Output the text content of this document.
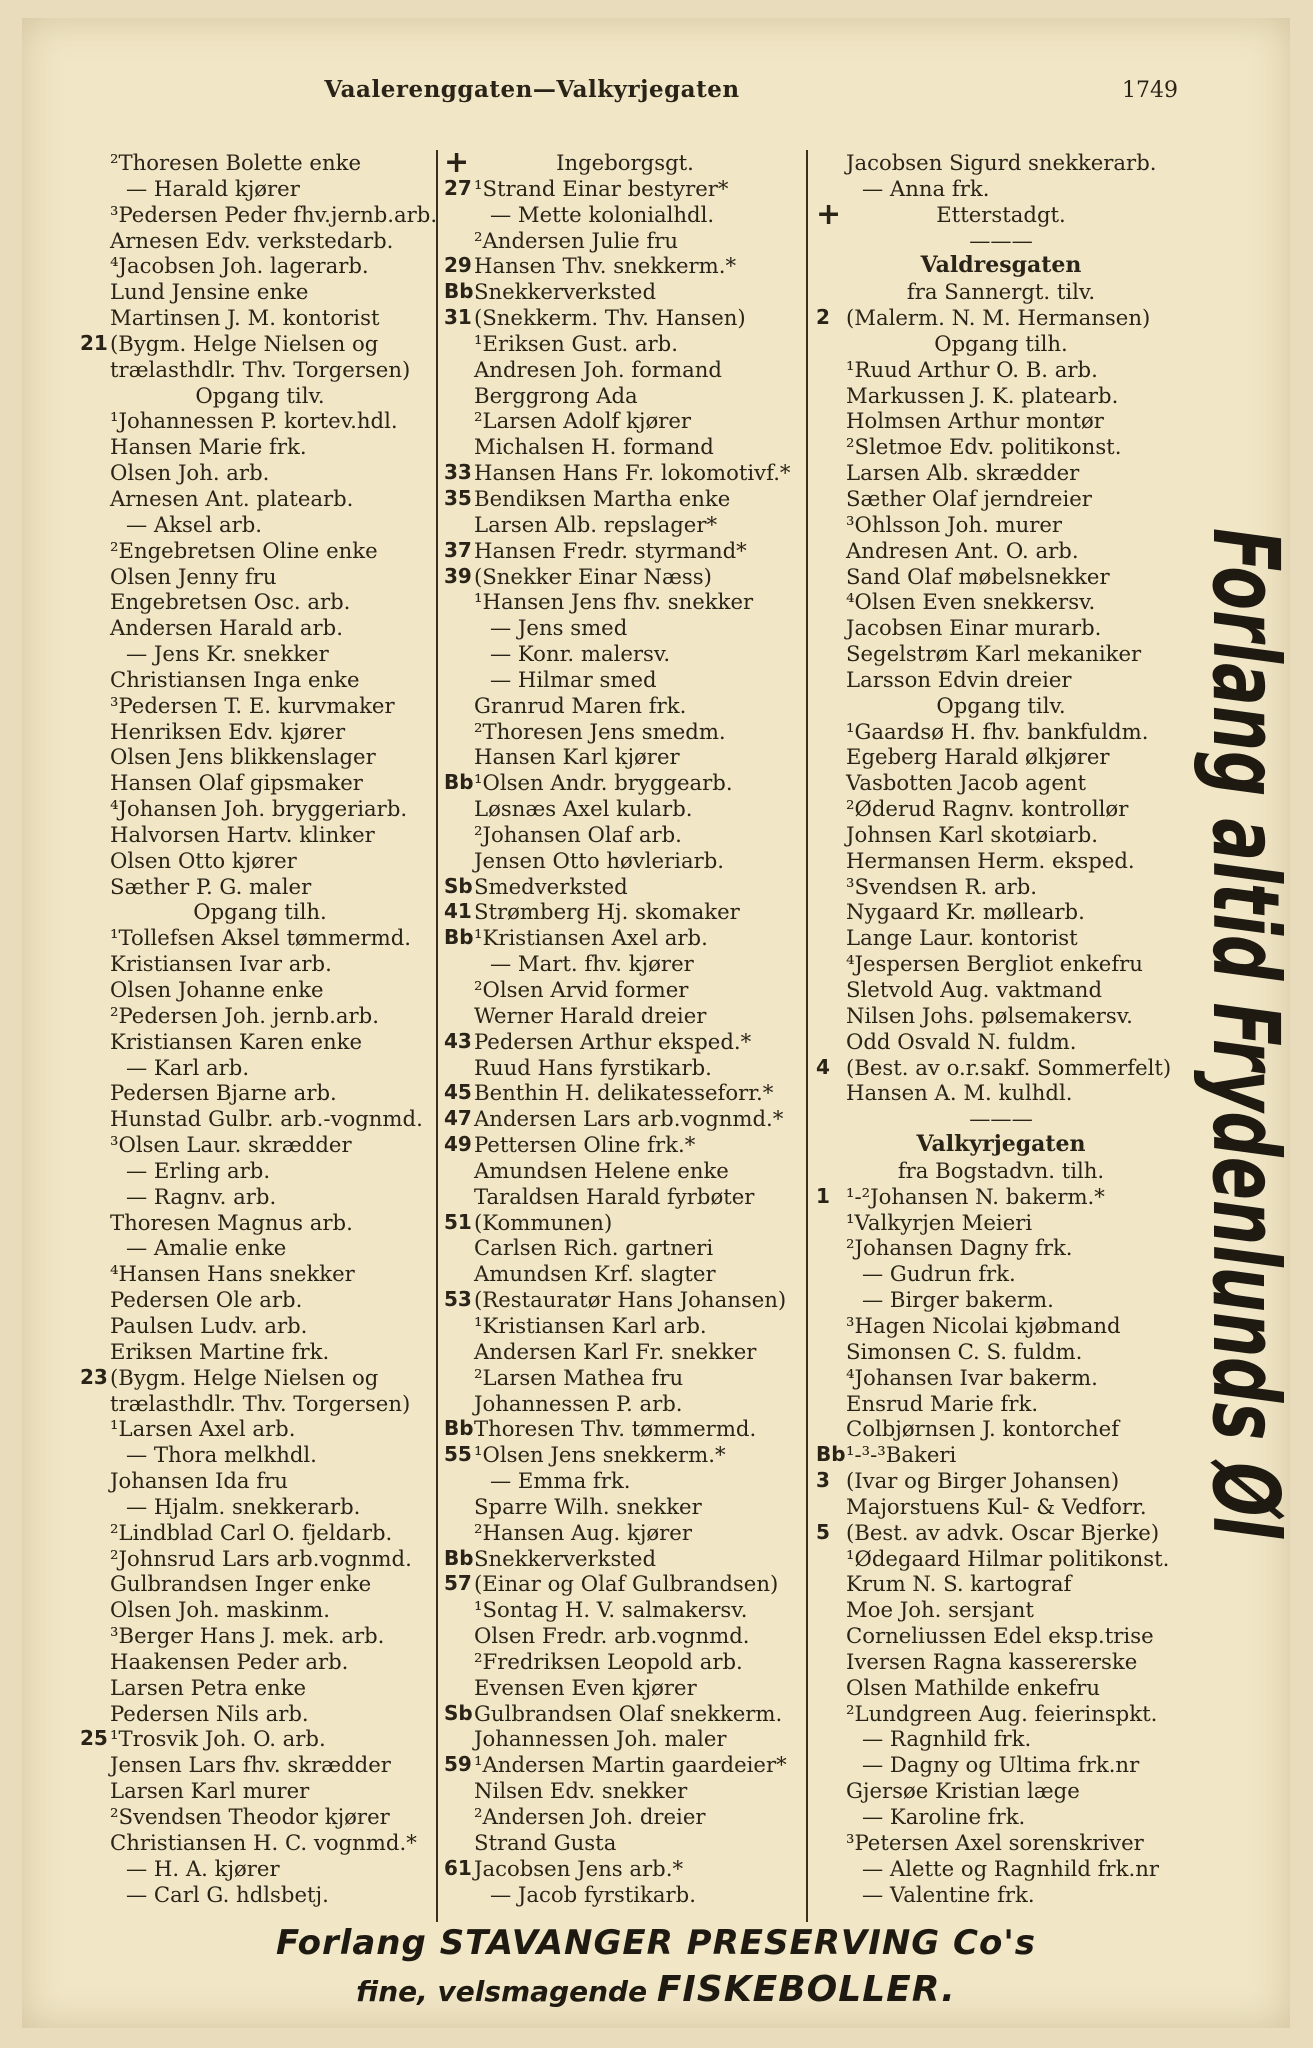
Vaalerenggaten—Valkyrjegaten	1749
²Thoresen Bolette enke
— Harald kjører
³Pedersen Peder fhv.jernb.arb.
Arnesen Edv. verkstedarb.
⁴Jacobsen Joh. lagerarb.
Lund Jensine enke
Martinsen J. M. kontorist
21 (Bygm. Helge Nielsen og
trælasthdlr. Thv. Torgersen)
Opgang tilv.
¹Johannessen P. kortev.hdl.
Hansen Marie frk.
Olsen Joh. arb.
Arnesen Ant. platearb.
— Aksel arb.
²Engebretsen Oline enke
Olsen Jenny fru
Engebretsen Osc. arb.
Andersen Harald arb.
— Jens Kr. snekker
Christiansen Inga enke
³Pedersen T. E. kurvmaker
Henriksen Edv. kjører
Olsen Jens blikkenslager
Hansen Olaf gipsmaker
⁴Johansen Joh. bryggeriarb.
Halvorsen Hartv. klinker
Olsen Otto kjører
Sæther P. G. maler
Opgang tilh.
¹Tollefsen Aksel tømmermd.
Kristiansen Ivar arb.
Olsen Johanne enke
²Pedersen Joh. jernb.arb.
Kristiansen Karen enke
— Karl arb.
Pedersen Bjarne arb.
Hunstad Gulbr. arb.-vognmd.
³Olsen Laur. skrædder
— Erling arb.
— Ragnv. arb.
Thoresen Magnus arb.
— Amalie enke
⁴Hansen Hans snekker
Pedersen Ole arb.
Paulsen Ludv. arb.
Eriksen Martine frk.
23 (Bygm. Helge Nielsen og
trælasthdlr. Thv. Torgersen)
¹Larsen Axel arb.
— Thora melkhdl.
Johansen Ida fru
— Hjalm. snekkerarb.
²Lindblad Carl O. fjeldarb.
²Johnsrud Lars arb.vognmd.
Gulbrandsen Inger enke
Olsen Joh. maskinm.
³Berger Hans J. mek. arb.
Haakensen Peder arb.
Larsen Petra enke
Pedersen Nils arb.
25 ¹Trosvik Joh. O. arb.
Jensen Lars fhv. skrædder
Larsen Karl murer
²Svendsen Theodor kjører
Christiansen H. C. vognmd.*
— H. A. kjører
— Carl G. hdlsbetj.
+	Ingeborgsgt.
27 ¹Strand Einar bestyrer*
— Mette kolonialhdl.
²Andersen Julie fru
29 Hansen Thv. snekkerm.*
Bb Snekkerverksted
31 (Snekkerm. Thv. Hansen)
¹Eriksen Gust. arb.
Andresen Joh. formand
Berggrong Ada
²Larsen Adolf kjører
Michalsen H. formand
33 Hansen Hans Fr. lokomotivf.*
35 Bendiksen Martha enke
Larsen Alb. repslager*
37 Hansen Fredr. styrmand*
39 (Snekker Einar Næss)
¹Hansen Jens fhv. snekker
— Jens smed
— Konr. malersv.
— Hilmar smed
Granrud Maren frk.
²Thoresen Jens smedm.
Hansen Karl kjører
Bb ¹Olsen Andr. bryggearb.
Løsnæs Axel kularb.
²Johansen Olaf arb.
Jensen Otto høvleriarb.
Sb Smedverksted
41 Strømberg Hj. skomaker
Bb ¹Kristiansen Axel arb.
— Mart. fhv. kjører
²Olsen Arvid former
Werner Harald dreier
43 Pedersen Arthur eksped.*
Ruud Hans fyrstikarb.
45 Benthin H. delikatesseforr.*
47 Andersen Lars arb.vognmd.*
49 Pettersen Oline frk.*
Amundsen Helene enke
Taraldsen Harald fyrbøter
51 (Kommunen)
Carlsen Rich. gartneri
Amundsen Krf. slagter
53 (Restauratør Hans Johansen)
¹Kristiansen Karl arb.
Andersen Karl Fr. snekker
²Larsen Mathea fru
Johannessen P. arb.
Bb Thoresen Thv. tømmermd.
55 ¹Olsen Jens snekkerm.*
— Emma frk.
Sparre Wilh. snekker
²Hansen Aug. kjører
Bb Snekkerverksted
57 (Einar og Olaf Gulbrandsen)
¹Sontag H. V. salmakersv.
Olsen Fredr. arb.vognmd.
²Fredriksen Leopold arb.
Evensen Even kjører
Sb Gulbrandsen Olaf snekkerm.
Johannessen Joh. maler
59 ¹Andersen Martin gaardeier*
Nilsen Edv. snekker
²Andersen Joh. dreier
Strand Gusta
61 Jacobsen Jens arb.*
— Jacob fyrstikarb.
Jacobsen Sigurd snekkerarb.
— Anna frk.
+	Etterstadgt.
———
Valdresgaten
fra Sannergt. tilv.
2 (Malerm. N. M. Hermansen)
Opgang tilh.
¹Ruud Arthur O. B. arb.
Markussen J. K. platearb.
Holmsen Arthur montør
²Sletmoe Edv. politikonst.
Larsen Alb. skrædder
Sæther Olaf jerndreier
³Ohlsson Joh. murer
Andresen Ant. O. arb.
Sand Olaf møbelsnekker
⁴Olsen Even snekkersv.
Jacobsen Einar murarb.
Segelstrøm Karl mekaniker
Larsson Edvin dreier
Opgang tilv.
¹Gaardsø H. fhv. bankfuldm.
Egeberg Harald ølkjører
Vasbotten Jacob agent
²Øderud Ragnv. kontrollør
Johnsen Karl skotøiarb.
Hermansen Herm. eksped.
³Svendsen R. arb.
Nygaard Kr. møllearb.
Lange Laur. kontorist
⁴Jespersen Bergliot enkefru
Sletvold Aug. vaktmand
Nilsen Johs. pølsemakersv.
Odd Osvald N. fuldm.
4 (Best. av o.r.sakf. Sommerfelt)
Hansen A. M. kulhdl.
———
Valkyrjegaten
fra Bogstadvn. tilh.
1 ¹-²Johansen N. bakerm.*
¹Valkyrjen Meieri
²Johansen Dagny frk.
— Gudrun frk.
— Birger bakerm.
³Hagen Nicolai kjøbmand
Simonsen C. S. fuldm.
⁴Johansen Ivar bakerm.
Ensrud Marie frk.
Colbjørnsen J. kontorchef
Bb ¹-³-³Bakeri
3 (Ivar og Birger Johansen)
Majorstuens Kul- & Vedforr.
5 (Best. av advk. Oscar Bjerke)
¹Ødegaard Hilmar politikonst.
Krum N. S. kartograf
Moe Joh. sersjant
Corneliussen Edel eksp.trise
Iversen Ragna kassererske
Olsen Mathilde enkefru
²Lundgreen Aug. feierinspkt.
— Ragnhild frk.
— Dagny og Ultima frk.nr
Gjersøe Kristian læge
— Karoline frk.
³Petersen Axel sorenskriver
— Alette og Ragnhild frk.nr
— Valentine frk. Forlang altid Frydenlunds Øl
Forlang STAVANGER PRESERVING Co's
fine, velsmagende FISKEBOLLER.
